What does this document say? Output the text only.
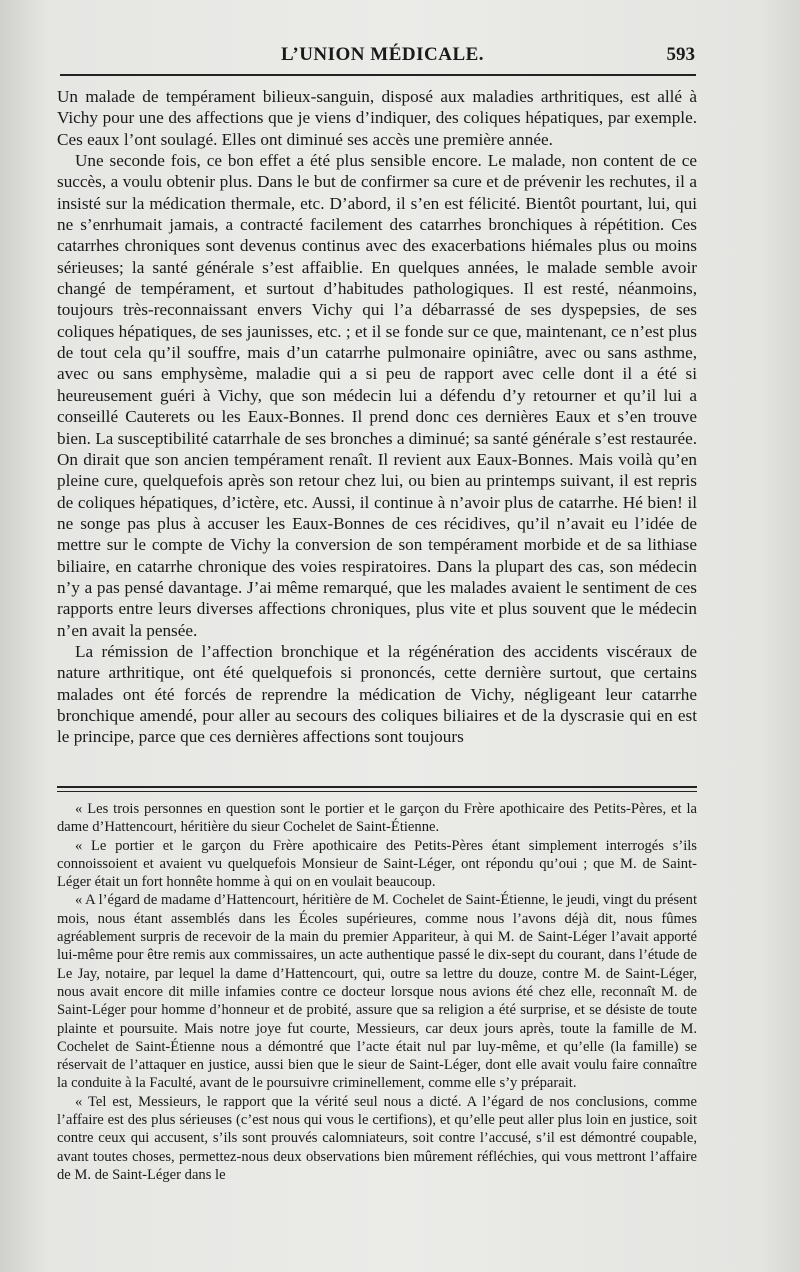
L’UNION MÉDICALE.	593

Un malade de tempérament bilieux-sanguin, disposé aux maladies arthritiques, est allé à Vichy pour une des affections que je viens d’indiquer, des coliques hépatiques, par exemple. Ces eaux l’ont soulagé. Elles ont diminué ses accès une première année.

Une seconde fois, ce bon effet a été plus sensible encore. Le malade, non content de ce succès, a voulu obtenir plus. Dans le but de confirmer sa cure et de prévenir les rechutes, il a insisté sur la médication thermale, etc. D’abord, il s’en est félicité. Bientôt pourtant, lui, qui ne s’enrhumait jamais, a contracté facilement des catarrhes bronchiques à répétition. Ces catarrhes chroniques sont devenus continus avec des exacerbations hiémales plus ou moins sérieuses; la santé générale s’est affaiblie. En quelques années, le malade semble avoir changé de tempérament, et surtout d’habitudes pathologiques. Il est resté, néanmoins, toujours très-reconnaissant envers Vichy qui l’a débarrassé de ses dyspepsies, de ses coliques hépatiques, de ses jaunisses, etc. ; et il se fonde sur ce que, maintenant, ce n’est plus de tout cela qu’il souffre, mais d’un catarrhe pulmonaire opiniâtre, avec ou sans asthme, avec ou sans emphysème, maladie qui a si peu de rapport avec celle dont il a été si heureusement guéri à Vichy, que son médecin lui a défendu d’y retourner et qu’il lui a conseillé Cauterets ou les Eaux-Bonnes. Il prend donc ces dernières Eaux et s’en trouve bien. La susceptibilité catarrhale de ses bronches a diminué; sa santé générale s’est restaurée. On dirait que son ancien tempérament renaît. Il revient aux Eaux-Bonnes. Mais voilà qu’en pleine cure, quelquefois après son retour chez lui, ou bien au printemps suivant, il est repris de coliques hépatiques, d’ictère, etc. Aussi, il continue à n’avoir plus de catarrhe. Hé bien! il ne songe pas plus à accuser les Eaux-Bonnes de ces récidives, qu’il n’avait eu l’idée de mettre sur le compte de Vichy la conversion de son tempérament morbide et de sa lithiase biliaire, en catarrhe chronique des voies respiratoires. Dans la plupart des cas, son médecin n’y a pas pensé davantage. J’ai même remarqué, que les malades avaient le sentiment de ces rapports entre leurs diverses affections chroniques, plus vite et plus souvent que le médecin n’en avait la pensée.

La rémission de l’affection bronchique et la régénération des accidents viscéraux de nature arthritique, ont été quelquefois si prononcés, cette dernière surtout, que certains malades ont été forcés de reprendre la médication de Vichy, négligeant leur catarrhe bronchique amendé, pour aller au secours des coliques biliaires et de la dyscrasie qui en est le principe, parce que ces dernières affections sont toujours

« Les trois personnes en question sont le portier et le garçon du Frère apothicaire des Petits-Pères, et la dame d’Hattencourt, héritière du sieur Cochelet de Saint-Étienne.

« Le portier et le garçon du Frère apothicaire des Petits-Pères étant simplement interrogés s’ils connoissoient et avaient vu quelquefois Monsieur de Saint-Léger, ont répondu qu’oui ; que M. de Saint-Léger était un fort honnête homme à qui on en voulait beaucoup.

« A l’égard de madame d’Hattencourt, héritière de M. Cochelet de Saint-Étienne, le jeudi, vingt du présent mois, nous étant assemblés dans les Écoles supérieures, comme nous l’avons déjà dit, nous fûmes agréablement surpris de recevoir de la main du premier Appariteur, à qui M. de Saint-Léger l’avait apporté lui-même pour être remis aux commissaires, un acte authentique passé le dix-sept du courant, dans l’étude de Le Jay, notaire, par lequel la dame d’Hattencourt, qui, outre sa lettre du douze, contre M. de Saint-Léger, nous avait encore dit mille infamies contre ce docteur lorsque nous avions été chez elle, reconnaît M. de Saint-Léger pour homme d’honneur et de probité, assure que sa religion a été surprise, et se désiste de toute plainte et poursuite. Mais notre joye fut courte, Messieurs, car deux jours après, toute la famille de M. Cochelet de Saint-Étienne nous a démontré que l’acte était nul par luy-même, et qu’elle (la famille) se réservait de l’attaquer en justice, aussi bien que le sieur de Saint-Léger, dont elle avait voulu faire connaître la conduite à la Faculté, avant de le poursuivre criminellement, comme elle s’y préparait.

« Tel est, Messieurs, le rapport que la vérité seul nous a dicté. A l’égard de nos conclusions, comme l’affaire est des plus sérieuses (c’est nous qui vous le certifions), et qu’elle peut aller plus loin en justice, soit contre ceux qui accusent, s’ils sont prouvés calomniateurs, soit contre l’accusé, s’il est démontré coupable, avant toutes choses, permettez-nous deux observations bien mûrement réfléchies, qui vous mettront l’affaire de M. de Saint-Léger dans le
